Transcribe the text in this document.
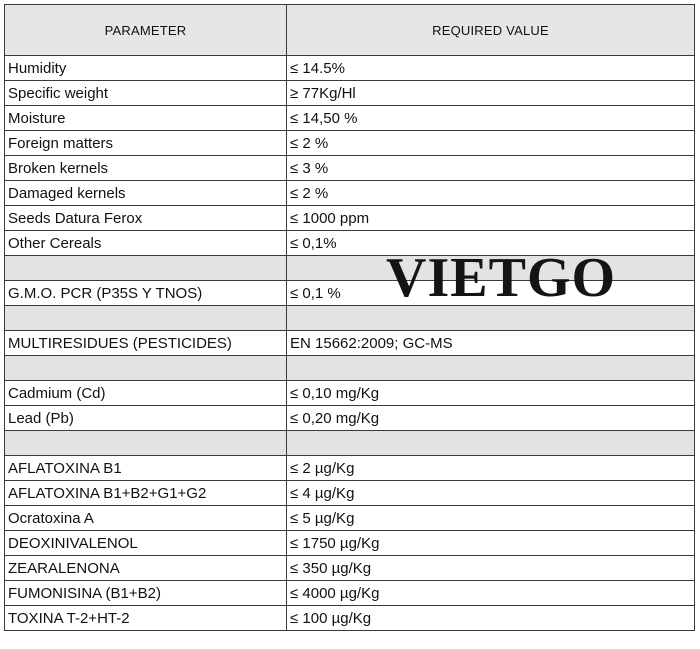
PARAMETER	REQUIRED VALUE
Humidity	≤ 14.5%
Specific weight	≥ 77Kg/Hl
Moisture	≤ 14,50 %
Foreign matters	≤ 2 %
Broken kernels	≤ 3 %
Damaged kernels	≤ 2 %
Seeds Datura Ferox	≤ 1000 ppm
Other Cereals	≤ 0,1%

G.M.O. PCR (P35S Y TNOS)	≤ 0,1 %

MULTIRESIDUES (PESTICIDES)	EN 15662:2009; GC-MS

Cadmium (Cd)	≤ 0,10 mg/Kg
Lead (Pb)	≤ 0,20 mg/Kg

AFLATOXINA B1	≤ 2 µg/Kg
AFLATOXINA B1+B2+G1+G2	≤ 4 µg/Kg
Ocratoxina A	≤ 5 µg/Kg
DEOXINIVALENOL	≤ 1750 µg/Kg
ZEARALENONA	≤ 350 µg/Kg
FUMONISINA (B1+B2)	≤ 4000 µg/Kg
TOXINA T-2+HT-2	≤ 100 µg/Kg
VIETGO
